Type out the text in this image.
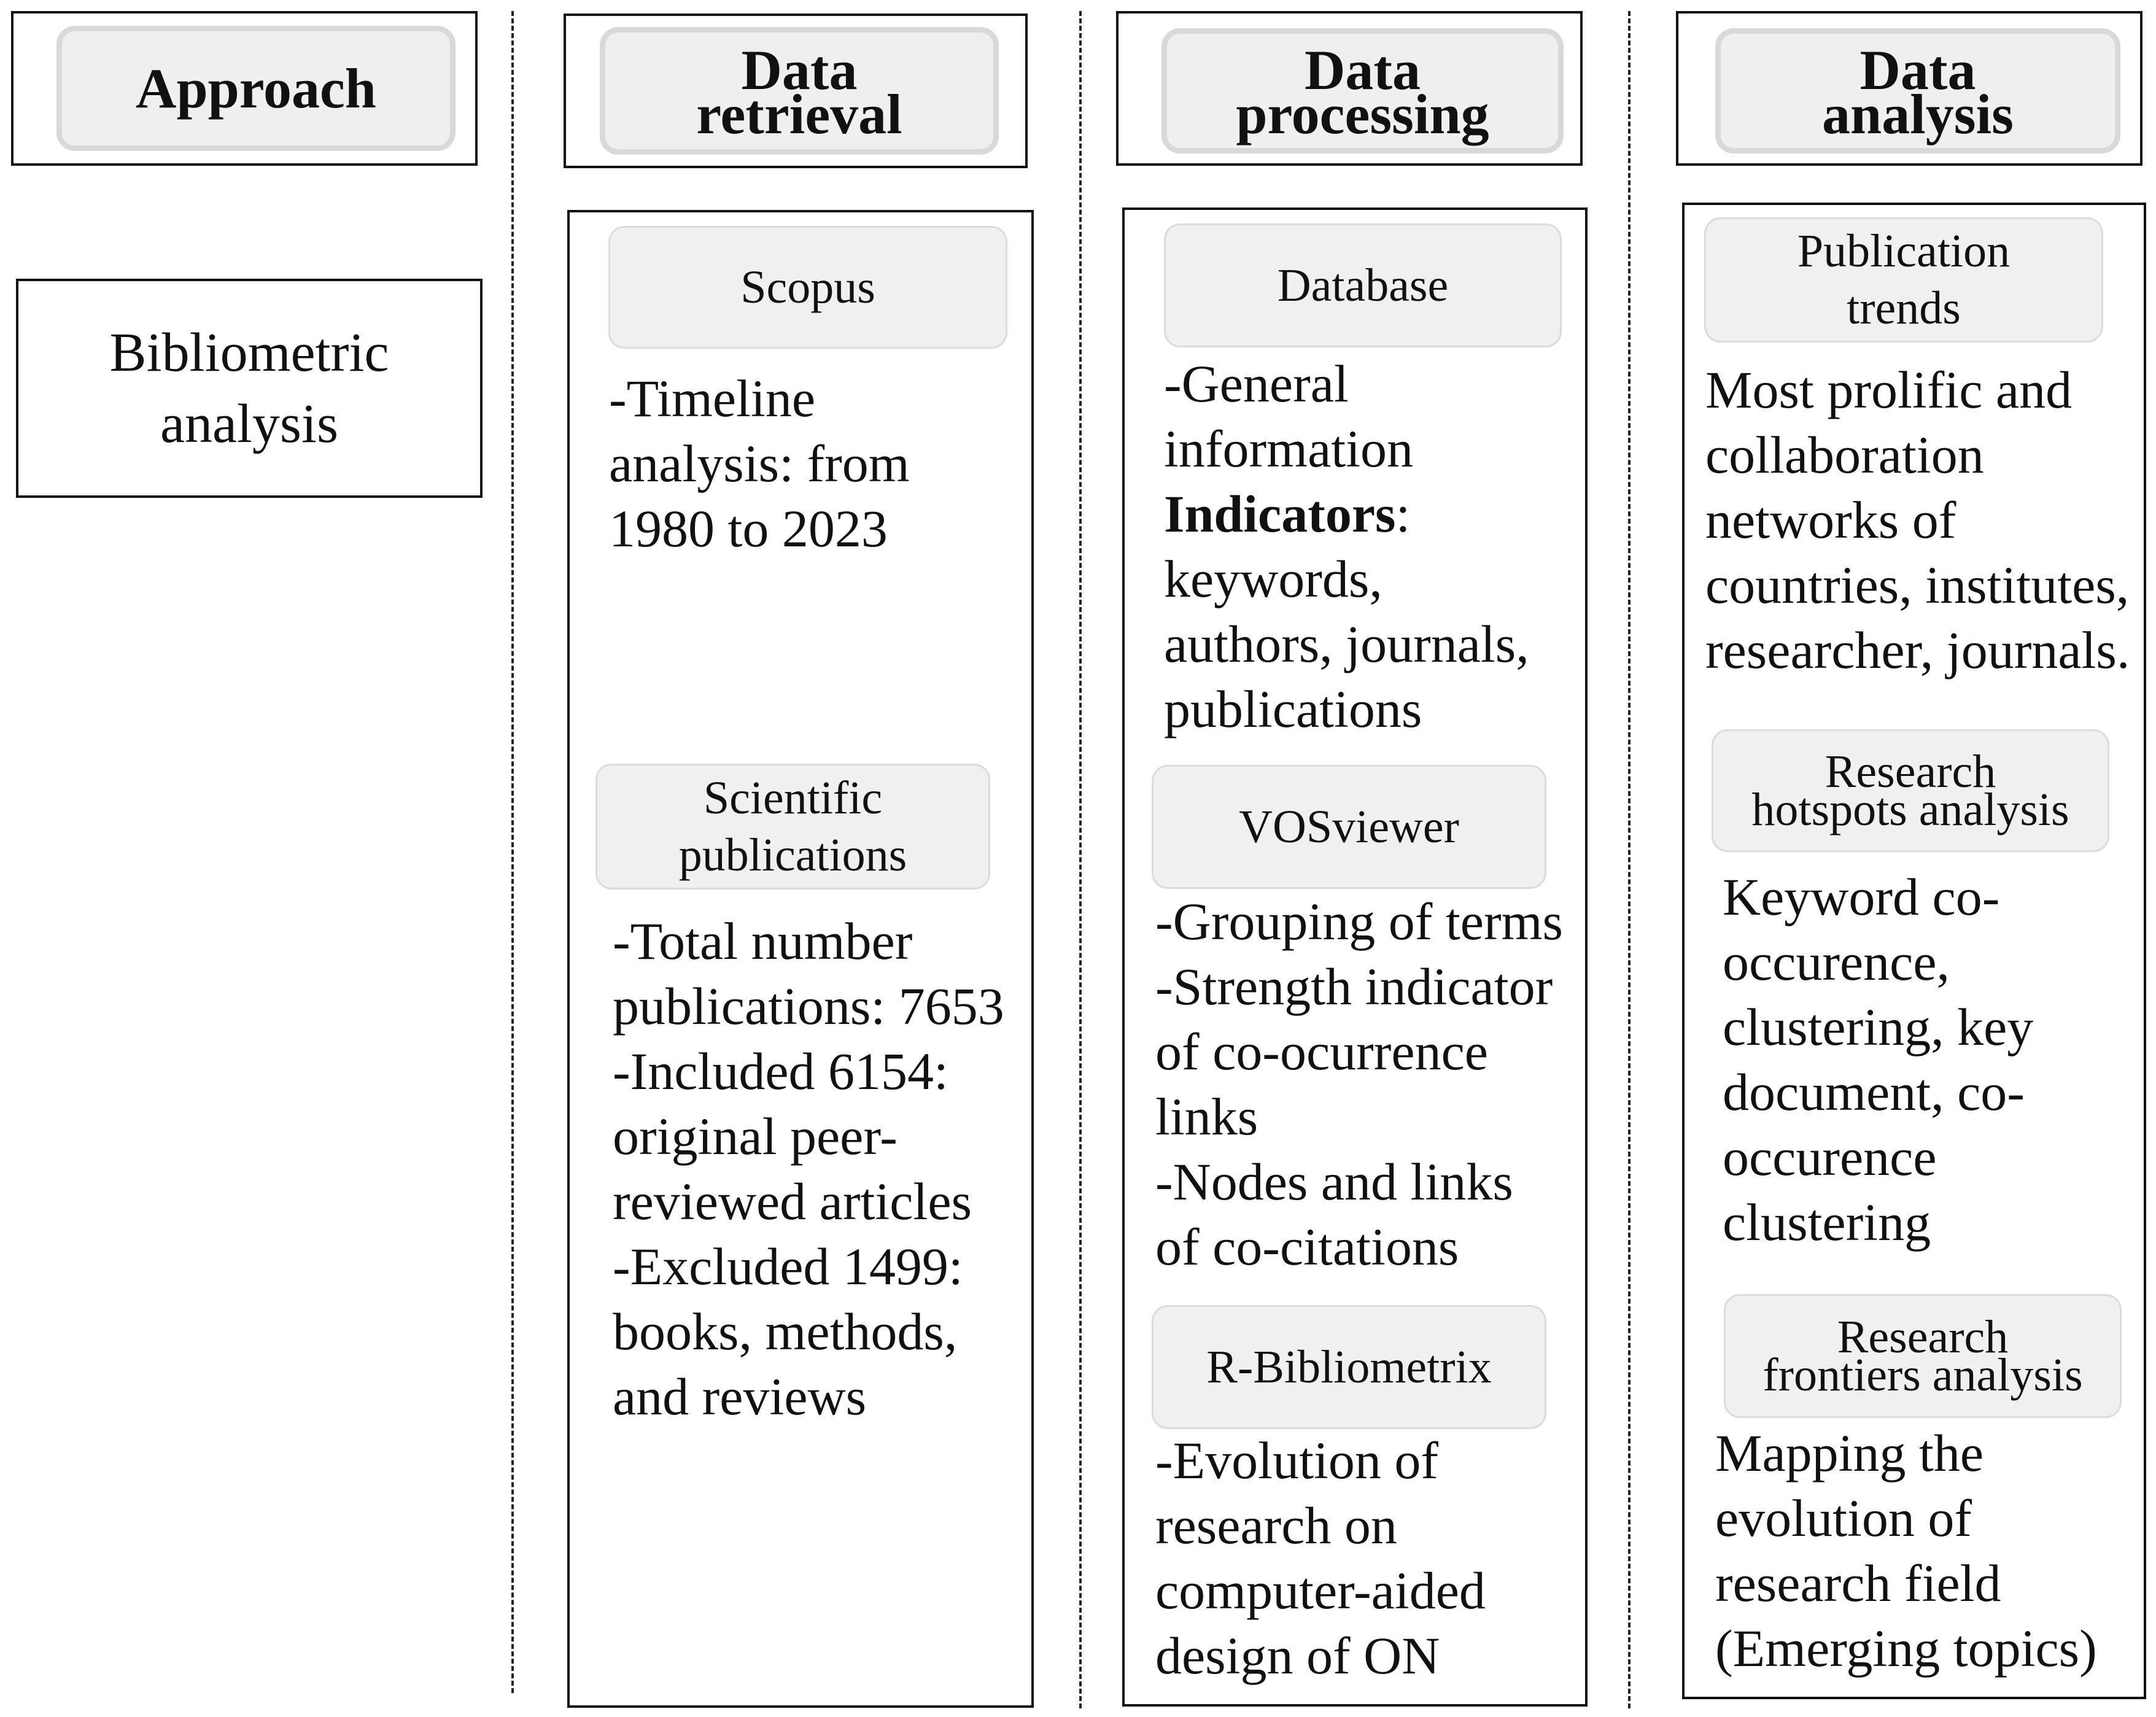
Approach
Bibliometric
analysis
Data
retrieval
Scopus
-Timeline
analysis: from
1980 to 2023
Scientific
publications
-Total number
publications: 7653
-Included 6154:
original peer-
reviewed articles
-Excluded 1499:
books, methods,
and reviews
Data
processing
Database
-General
information
Indicators:
keywords,
authors, journals,
publications
VOSviewer
-Grouping of terms
-Strength indicator
of co-ocurrence
links
-Nodes and links
of co-citations
R-Bibliometrix
-Evolution of
research on
computer-aided
design of ON
Data
analysis
Publication
trends
Most prolific and
collaboration
networks of
countries, institutes,
researcher, journals.
Research
hotspots analysis
Keyword co-
occurence,
clustering, key
document, co-
occurence
clustering
Research
frontiers analysis
Mapping the
evolution of
research field
(Emerging topics)
